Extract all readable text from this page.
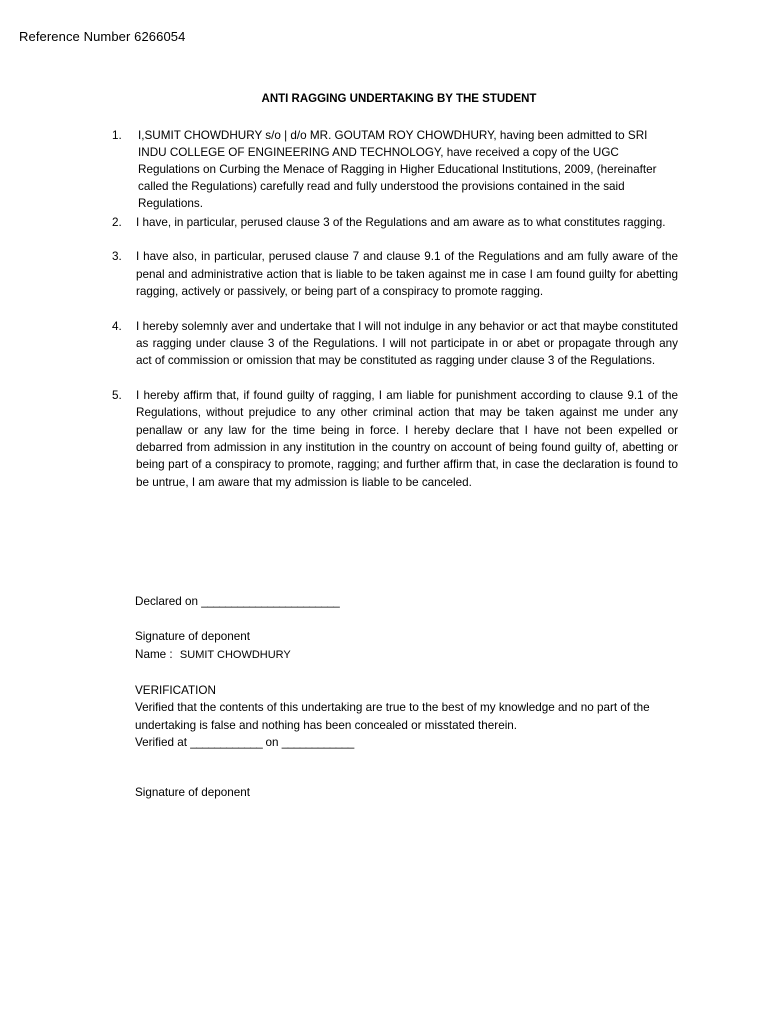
Reference Number 6266054
ANTI RAGGING UNDERTAKING BY THE STUDENT
1. I,SUMIT CHOWDHURY s/o | d/o MR. GOUTAM ROY CHOWDHURY, having been admitted to SRI INDU COLLEGE OF ENGINEERING AND TECHNOLOGY, have received a copy of the UGC Regulations on Curbing the Menace of Ragging in Higher Educational Institutions, 2009, (hereinafter called the Regulations) carefully read and fully understood the provisions contained in the said Regulations.
2. I have, in particular, perused clause 3 of the Regulations and am aware as to what constitutes ragging.
3. I have also, in particular, perused clause 7 and clause 9.1 of the Regulations and am fully aware of the penal and administrative action that is liable to be taken against me in case I am found guilty for abetting ragging, actively or passively, or being part of a conspiracy to promote ragging.
4. I hereby solemnly aver and undertake that I will not indulge in any behavior or act that maybe constituted as ragging under clause 3 of the Regulations. I will not participate in or abet or propagate through any act of commission or omission that may be constituted as ragging under clause 3 of the Regulations.
5. I hereby affirm that, if found guilty of ragging, I am liable for punishment according to clause 9.1 of the Regulations, without prejudice to any other criminal action that may be taken against me under any penallaw or any law for the time being in force. I hereby declare that I have not been expelled or debarred from admission in any institution in the country on account of being found guilty of, abetting or being part of a conspiracy to promote, ragging; and further affirm that, in case the declaration is found to be untrue, I am aware that my admission is liable to be canceled.
Declared on _______________________
Signature of deponent
Name : SUMIT CHOWDHURY
VERIFICATION
Verified that the contents of this undertaking are true to the best of my knowledge and no part of the undertaking is false and nothing has been concealed or misstated therein.
Verified at ____________ on ____________
Signature of deponent
